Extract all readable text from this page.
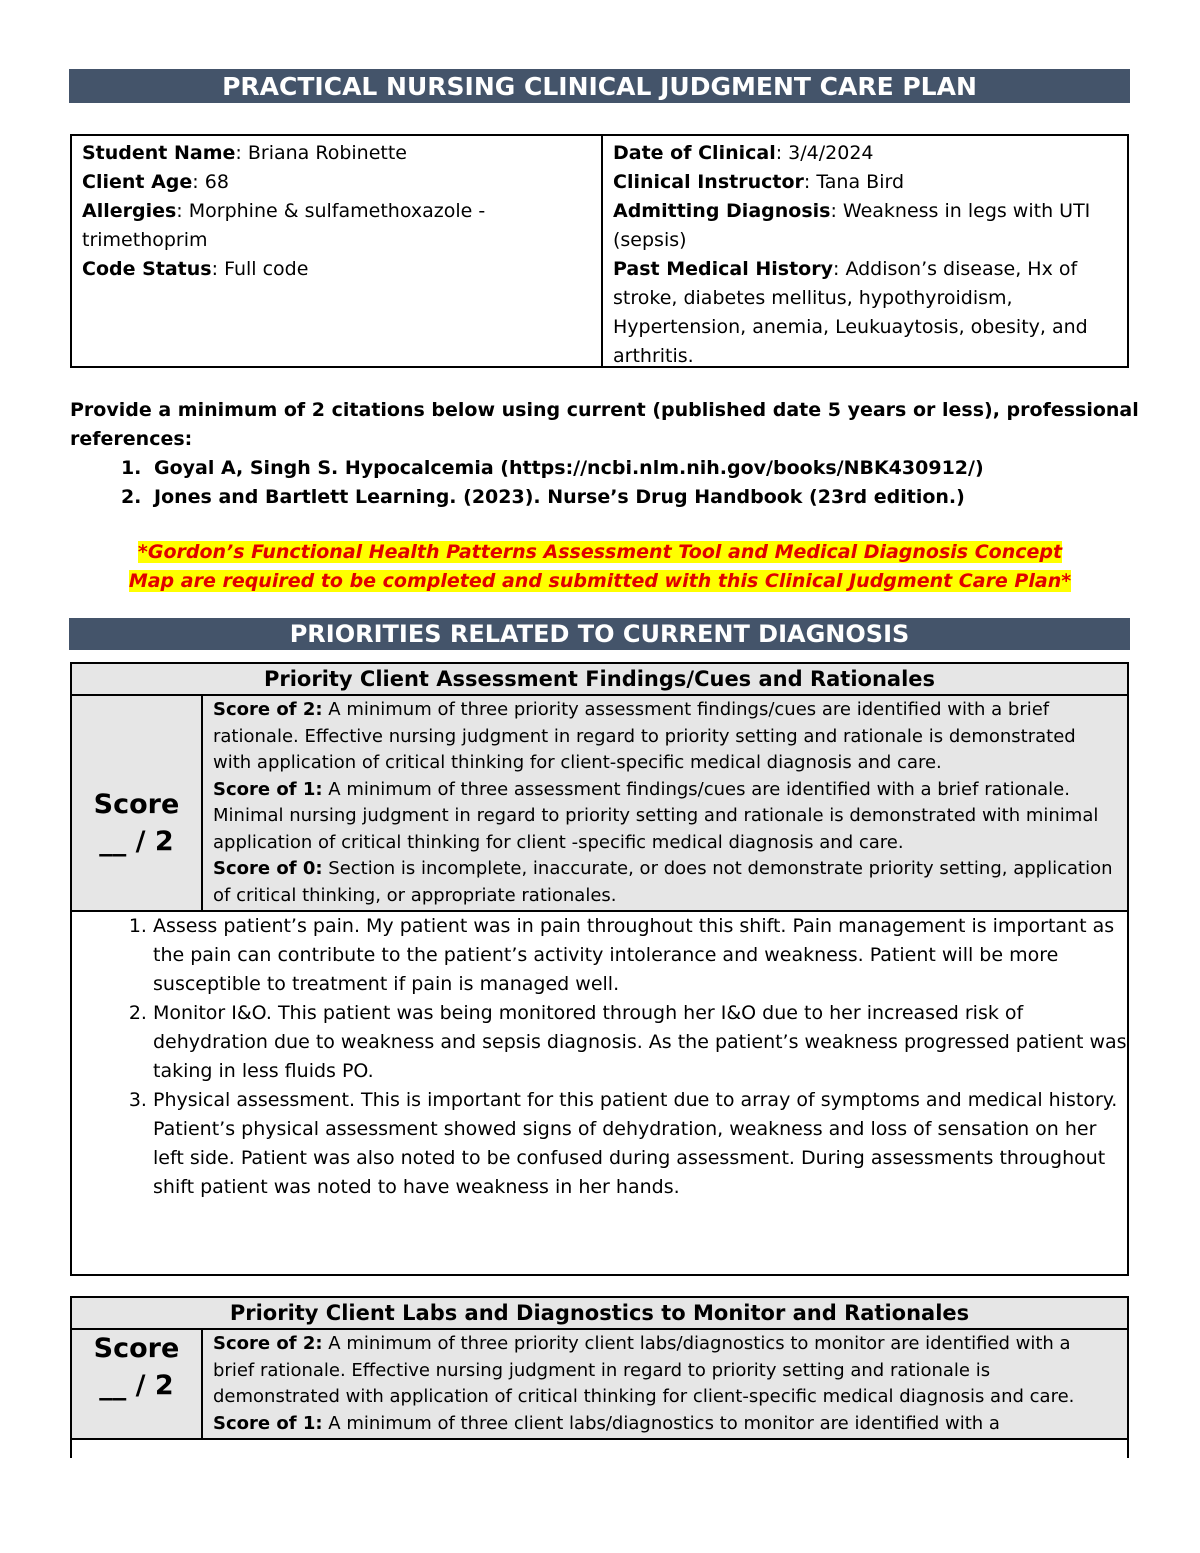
PRACTICAL NURSING CLINICAL JUDGMENT CARE PLAN
Student Name: Briana Robinette
Client Age: 68
Allergies: Morphine & sulfamethoxazole - trimethoprim
Code Status: Full code
Date of Clinical: 3/4/2024
Clinical Instructor: Tana Bird
Admitting Diagnosis: Weakness in legs with UTI (sepsis)
Past Medical History: Addison’s disease, Hx of stroke, diabetes mellitus, hypothyroidism, Hypertension, anemia, Leukuaytosis, obesity, and arthritis.
Provide a minimum of 2 citations below using current (published date 5 years or less), professional references:
1. Goyal A, Singh S. Hypocalcemia (https://ncbi.nlm.nih.gov/books/NBK430912/)
2. Jones and Bartlett Learning. (2023). Nurse’s Drug Handbook (23rd edition.)
*Gordon’s Functional Health Patterns Assessment Tool and Medical Diagnosis Concept
Map are required to be completed and submitted with this Clinical Judgment Care Plan*
PRIORITIES RELATED TO CURRENT DIAGNOSIS
Priority Client Assessment Findings/Cues and Rationales
Score
__ / 2
Score of 2: A minimum of three priority assessment findings/cues are identified with a brief rationale. Effective nursing judgment in regard to priority setting and rationale is demonstrated with application of critical thinking for client-specific medical diagnosis and care.
Score of 1: A minimum of three assessment findings/cues are identified with a brief rationale. Minimal nursing judgment in regard to priority setting and rationale is demonstrated with minimal application of critical thinking for client -specific medical diagnosis and care.
Score of 0: Section is incomplete, inaccurate, or does not demonstrate priority setting, application of critical thinking, or appropriate rationales.
1. Assess patient’s pain. My patient was in pain throughout this shift. Pain management is important as the pain can contribute to the patient’s activity intolerance and weakness. Patient will be more susceptible to treatment if pain is managed well.
2. Monitor I&O. This patient was being monitored through her I&O due to her increased risk of dehydration due to weakness and sepsis diagnosis. As the patient’s weakness progressed patient was taking in less fluids PO.
3. Physical assessment. This is important for this patient due to array of symptoms and medical history. Patient’s physical assessment showed signs of dehydration, weakness and loss of sensation on her left side. Patient was also noted to be confused during assessment. During assessments throughout shift patient was noted to have weakness in her hands.
Priority Client Labs and Diagnostics to Monitor and Rationales
Score
__ / 2
Score of 2: A minimum of three priority client labs/diagnostics to monitor are identified with a brief rationale. Effective nursing judgment in regard to priority setting and rationale is demonstrated with application of critical thinking for client-specific medical diagnosis and care.
Score of 1: A minimum of three client labs/diagnostics to monitor are identified with a
